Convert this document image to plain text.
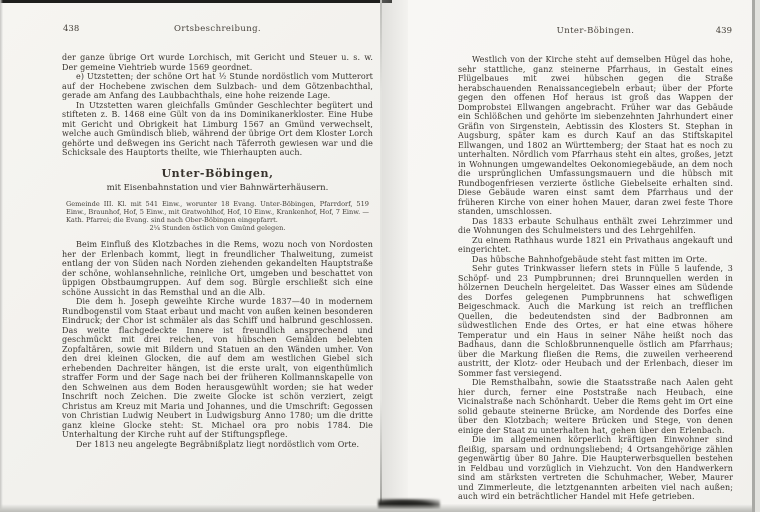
438	Ortsbeschreibung.

der ganze übrige Ort wurde Lorchisch, mit Gericht und Steuer u. s. w. Der gemeine Viehtrieb wurde 1569 geordnet.

e) Utzstetten; der schöne Ort hat ½ Stunde nordöstlich vom Mutterort auf der Hochebene zwischen dem Sulzbach- und dem Götzenbachthal, gerade am Anfang des Laubbachthals, eine hohe reizende Lage.

In Utzstetten waren gleichfalls Gmünder Geschlechter begütert und stifteten z. B. 1468 eine Gült von da ins Dominikanerkloster. Eine Hube mit Gericht und Obrigkeit hat Limburg 1567 an Gmünd verwechselt, welche auch Gmündisch blieb, während der übrige Ort dem Kloster Lorch gehörte und deßwegen ins Gericht nach Täferroth gewiesen war und die Schicksale des Hauptorts theilte, wie Thierhaupten auch.

Unter-Böbingen,
mit Eisenbahnstation und vier Bahnwärterhäusern.
Gemeinde III. Kl. mit 541 Einw., worunter 18 Evang. Unter-Böbingen, Pfarrdorf, 519 Einw., Braunhof, Hof, 5 Einw., mit Gratwohlhof, Hof, 10 Einw., Krankenhof, Hof, 7 Einw. — Kath. Pfarrei; die Evang. sind nach Ober-Böbingen eingepfarrt.
2¼ Stunden östlich von Gmünd gelegen.

Beim Einfluß des Klotzbaches in die Rems, wozu noch von Nordosten her der Erlenbach kommt, liegt in freundlicher Thalweitung, zumeist entlang der von Süden nach Norden ziehenden gekandelten Hauptstraße der schöne, wohlansehnliche, reinliche Ort, umgeben und beschattet von üppigen Obstbaumgruppen. Auf dem sog. Bürgle erschließt sich eine schöne Aussicht in das Remsthal und an die Alb.

Die dem h. Joseph geweihte Kirche wurde 1837—40 in modernem Rundbogenstil vom Staat erbaut und macht von außen keinen besonderen Eindruck; der Chor ist schmäler als das Schiff und halbrund geschlossen. Das weite flachgedeckte Innere ist freundlich ansprechend und geschmückt mit drei reichen, von hübschen Gemälden belebten Zopfaltären, sowie mit Bildern und Statuen an den Wänden umher. Von den drei kleinen Glocken, die auf dem am westlichen Giebel sich erhebenden Dachreiter hängen, ist die erste uralt, von eigenthümlich straffer Form und der Sage nach bei der früheren Kollmannskapelle von den Schweinen aus dem Boden herausgewühlt worden; sie hat weder Inschrift noch Zeichen. Die zweite Glocke ist schön verziert, zeigt Christus am Kreuz mit Maria und Johannes, und die Umschrift: Gegossen von Christian Ludwig Neubert in Ludwigsburg Anno 1780; um die dritte ganz kleine Glocke steht: St. Michael ora pro nobis 1784. Die Unterhaltung der Kirche ruht auf der Stiftungspflege.

Der 1813 neu angelegte Begräbnißplatz liegt nordöstlich vom Orte.

Unter-Böbingen.	439

Westlich von der Kirche steht auf demselben Hügel das hohe, sehr stattliche, ganz steinerne Pfarrhaus, in Gestalt eines Flügelbaues mit zwei hübschen gegen die Straße herabschauenden Renaissancegiebeln erbaut; über der Pforte gegen den offenen Hof heraus ist groß das Wappen der Domprobstei Ellwangen angebracht. Früher war das Gebäude ein Schlößchen und gehörte im siebenzehnten Jahrhundert einer Gräfin von Sirgenstein, Aebtissin des Klosters St. Stephan in Augsburg, später kam es durch Kauf an das Stiftskapitel Ellwangen, und 1802 an Württemberg; der Staat hat es noch zu unterhalten. Nördlich vom Pfarrhaus steht ein altes, großes, jetzt in Wohnungen umgewandeltes Oekonomiegebäude, an dem noch die ursprünglichen Umfassungsmauern und die hübsch mit Rundbogenfriesen verzierte östliche Giebelseite erhalten sind. Diese Gebäude waren einst samt dem Pfarrhaus und der früheren Kirche von einer hohen Mauer, daran zwei feste Thore standen, umschlossen.

Das 1833 erbaute Schulhaus enthält zwei Lehrzimmer und die Wohnungen des Schulmeisters und des Lehrgehilfen.

Zu einem Rathhaus wurde 1821 ein Privathaus angekauft und eingerichtet.

Das hübsche Bahnhofgebäude steht fast mitten im Orte.

Sehr gutes Trinkwasser liefern stets in Fülle 5 laufende, 3 Schöpf- und 23 Pumpbrunnen; drei Brunnquellen werden in hölzernen Deucheln hergeleitet. Das Wasser eines am Südende des Dorfes gelegenen Pumpbrunnens hat schwefligen Beigeschmack. Auch die Markung ist reich an trefflichen Quellen, die bedeutendsten sind der Badbronnen am südwestlichen Ende des Ortes, er hat eine etwas höhere Temperatur und ein Haus in seiner Nähe heißt noch das Badhaus, dann die Schloßbrunnenquelle östlich am Pfarrhaus; über die Markung fließen die Rems, die zuweilen verheerend austritt, der Klotz- oder Heubach und der Erlenbach, dieser im Sommer fast versiegend.

Die Remsthalbahn, sowie die Staatsstraße nach Aalen geht hier durch, ferner eine Poststraße nach Heubach, eine Vicinalstraße nach Schönhardt. Ueber die Rems geht im Ort eine solid gebaute steinerne Brücke, am Nordende des Dorfes eine über den Klotzbach; weitere Brücken und Stege, von denen einige der Staat zu unterhalten hat, gehen über den Erlenbach.

Die im allgemeinen körperlich kräftigen Einwohner sind fleißig, sparsam und ordnungsliebend; 4 Ortsangehörige zählen gegenwärtig über 80 Jahre. Die Haupterwerbsquellen bestehen in Feldbau und vorzüglich in Viehzucht. Von den Handwerkern sind am stärksten vertreten die Schuhmacher, Weber, Maurer und Zimmerleute, die letztgenannten arbeiten viel nach außen; auch wird ein beträchtlicher Handel mit Hefe getrieben.
